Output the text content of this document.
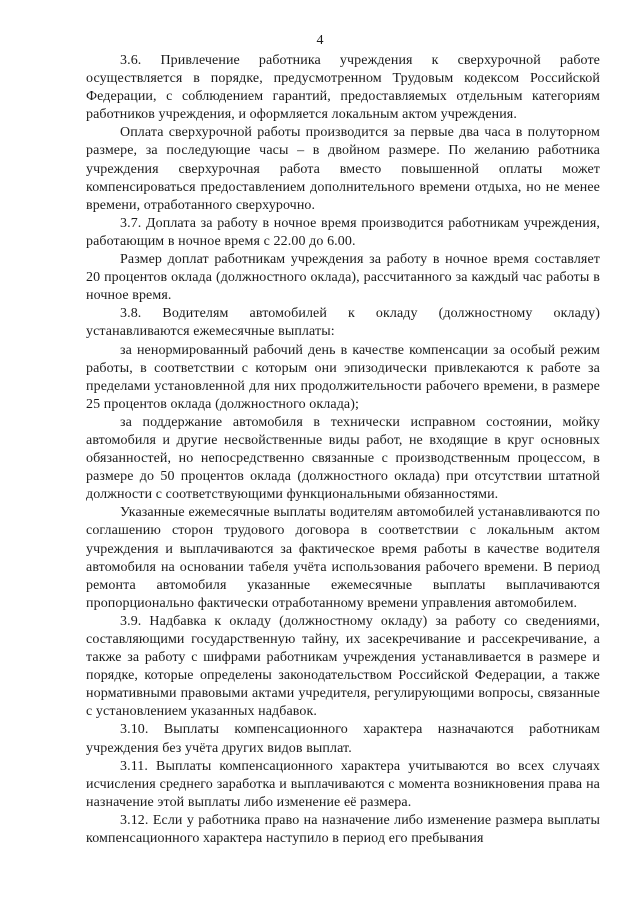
4

3.6. Привлечение работника учреждения к сверхурочной работе осуществляется в порядке, предусмотренном Трудовым кодексом Российской Федерации, с соблюдением гарантий, предоставляемых отдельным категориям работников учреждения, и оформляется локальным актом учреждения.

Оплата сверхурочной работы производится за первые два часа в полуторном размере, за последующие часы – в двойном размере. По желанию работника учреждения сверхурочная работа вместо повышенной оплаты может компенсироваться предоставлением дополнительного времени отдыха, но не менее времени, отработанного сверхурочно.

3.7. Доплата за работу в ночное время производится работникам учреждения, работающим в ночное время с 22.00 до 6.00.

Размер доплат работникам учреждения за работу в ночное время составляет 20 процентов оклада (должностного оклада), рассчитанного за каждый час работы в ночное время.

3.8. Водителям автомобилей к окладу (должностному окладу) устанавливаются ежемесячные выплаты:

за ненормированный рабочий день в качестве компенсации за особый режим работы, в соответствии с которым они эпизодически привлекаются к работе за пределами установленной для них продолжительности рабочего времени, в размере 25 процентов оклада (должностного оклада);

за поддержание автомобиля в технически исправном состоянии, мойку автомобиля и другие несвойственные виды работ, не входящие в круг основных обязанностей, но непосредственно связанные с производственным процессом, в размере до 50 процентов оклада (должностного оклада) при отсутствии штатной должности с соответствующими функциональными обязанностями.

Указанные ежемесячные выплаты водителям автомобилей устанавливаются по соглашению сторон трудового договора в соответствии с локальным актом учреждения и выплачиваются за фактическое время работы в качестве водителя автомобиля на основании табеля учёта использования рабочего времени. В период ремонта автомобиля указанные ежемесячные выплаты выплачиваются пропорционально фактически отработанному времени управления автомобилем.

3.9. Надбавка к окладу (должностному окладу) за работу со сведениями, составляющими государственную тайну, их засекречивание и рассекречивание, а также за работу с шифрами работникам учреждения устанавливается в размере и порядке, которые определены законодательством Российской Федерации, а также нормативными правовыми актами учредителя, регулирующими вопросы, связанные с установлением указанных надбавок.

3.10. Выплаты компенсационного характера назначаются работникам учреждения без учёта других видов выплат.

3.11. Выплаты компенсационного характера учитываются во всех случаях исчисления среднего заработка и выплачиваются с момента возникновения права на назначение этой выплаты либо изменение её размера.

3.12. Если у работника право на назначение либо изменение размера выплаты компенсационного характера наступило в период его пребывания
